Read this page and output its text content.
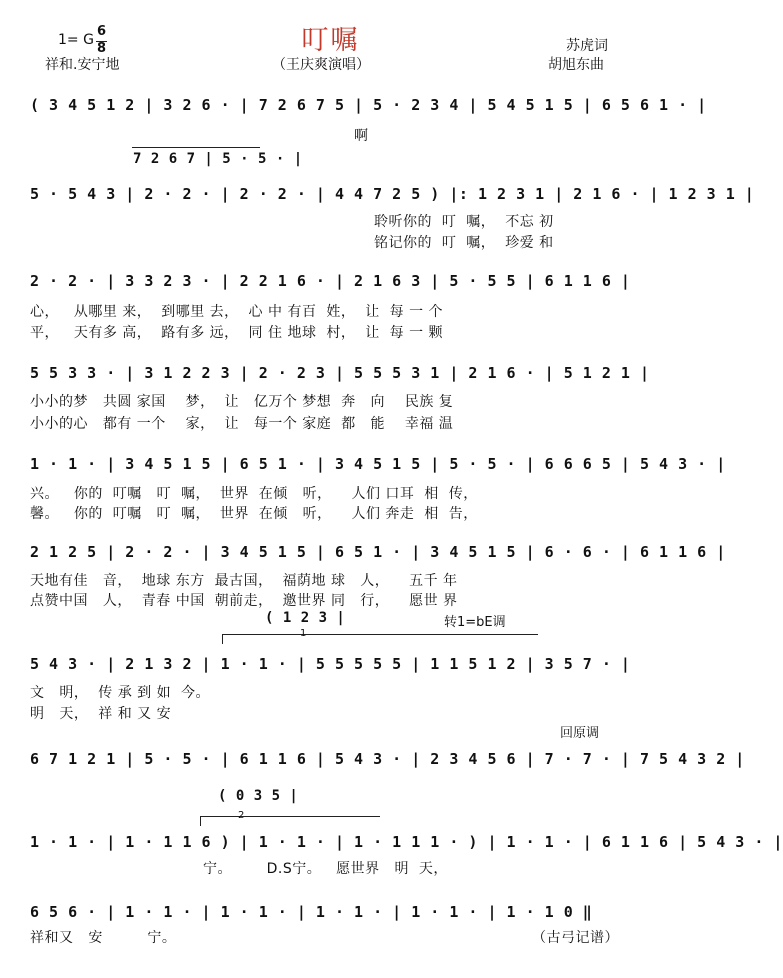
叮嘱
1= G
6
8
祥和.安宁地	（王庆爽演唱）
苏虎词
胡旭东曲
( 3 4 5 1 2 | 3 2 6 · | 7 2 6 7 5 | 5 · 2 3 4 | 5 4 5 1 5 | 6 5 6 1 · |
啊
7 2 6 7 | 5 · 5 · |
5 · 5 4 3 | 2 · 2 · | 2 · 2 · | 4 4 7 2 5 ) |: 1 2 3 1 | 2 1 6 · | 1 2 3 1 |
聆听你的  叮  嘱，  不忘 初
铭记你的  叮  嘱，  珍爱 和
2 · 2 · | 3 3 2 3 · | 2 2 1 6 · | 2 1 6 3 | 5 · 5 5 | 6 1 1 6 |
心，   从哪里 来，  到哪里 去，  心 中 有百  姓，  让  每 一 个
平，   天有多 高，  路有多 远，  同 住 地球  村，  让  每 一 颗
5 5 3 3 · | 3 1 2 2 3 | 2 · 2 3 | 5 5 5 3 1 | 2 1 6 · | 5 1 2 1 |
小小的梦   共圆 家国    梦，  让   亿万个 梦想  奔   向    民族 复
小小的心   都有 一个    家，  让   每一个 家庭  都   能    幸福 温
1 · 1 · | 3 4 5 1 5 | 6 5 1 · | 3 4 5 1 5 | 5 · 5 · | 6 6 6 5 | 5 4 3 · |
兴。   你的  叮嘱   叮  嘱，  世界  在倾   听，    人们 口耳  相  传，
馨。   你的  叮嘱   叮  嘱，  世界  在倾   听，    人们 奔走  相  告，
2 1 2 5 | 2 · 2 · | 3 4 5 1 5 | 6 5 1 · | 3 4 5 1 5 | 6 · 6 · | 6 1 1 6 |
天地有佳   音，  地球 东方  最古国，  福荫地 球   人，    五千 年
点赞中国   人，  青春 中国  朝前走，  邀世界 同   行，    愿世 界
( 1 2 3 |	转1=bE调
1
5 4 3 · | 2 1 3 2 | 1 · 1 · | 5 5 5 5 5 | 1 1 5 1 2 | 3 5 7 · |
文   明，  传 承 到 如  今。
明   天，  祥 和 又 安
回原调
6 7 1 2 1 | 5 · 5 · | 6 1 1 6 | 5 4 3 · | 2 3 4 5 6 | 7 · 7 · | 7 5 4 3 2 |
( 0 3 5 |
2
1 · 1 · | 1 · 1 1 6 ) | 1 · 1 · | 1 · 1 1 1 · ) | 1 · 1 · | 6 1 1 6 | 5 4 3 · |
宁。       D.S宁。   愿世界   明  天，
6 5 6 · | 1 · 1 · | 1 · 1 · | 1 · 1 · | 1 · 1 · | 1 · 1 0 ‖
祥和又   安         宁。	（古弓记谱）
